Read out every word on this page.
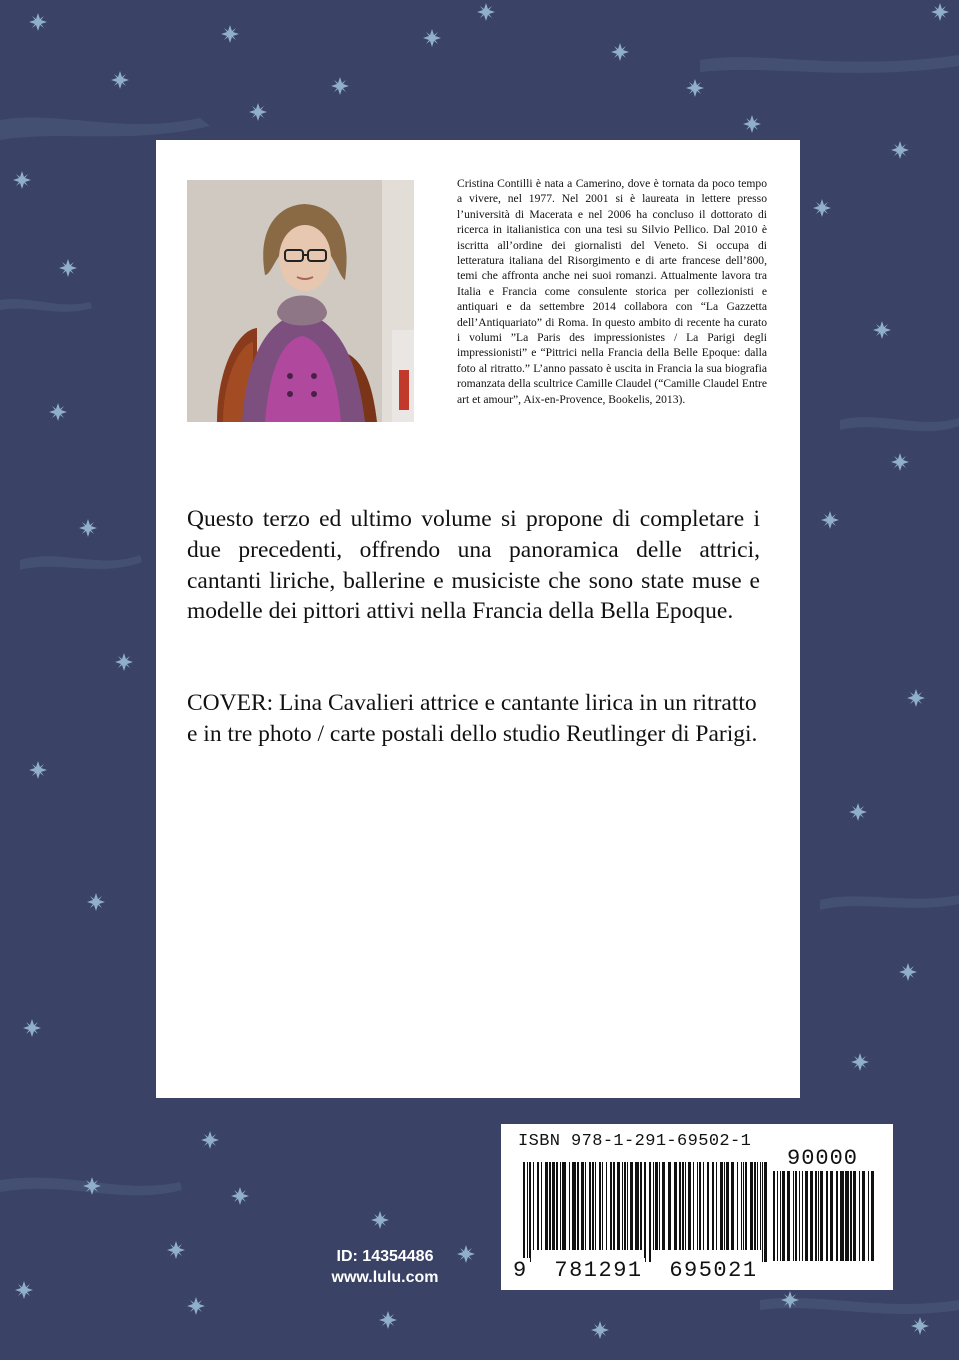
Cristina Contilli è nata a Camerino, dove è tornata da poco tempo a vivere, nel 1977. Nel 2001 si è laureata in lettere presso l’università di Macerata e nel 2006 ha concluso il dottorato di ricerca in italianistica con una tesi su Silvio Pellico. Dal 2010 è iscritta all’ordine dei giornalisti del Veneto. Si occupa di letteratura italiana del Risorgimento e di arte francese dell’800, temi che affronta anche nei suoi romanzi. Attualmente lavora tra Italia e Francia come consulente storica per collezionisti e antiquari e da settembre 2014 collabora con “La Gazzetta dell’Antiquariato” di Roma. In questo ambito di recente ha curato i volumi ”La Paris des impressionistes / La Parigi degli impressionisti” e “Pittrici nella Francia della Belle Epoque: dalla foto al ritratto.” L’anno passato è uscita in Francia la sua biografia romanzata della scultrice Camille Claudel (“Camille Claudel Entre art et amour”, Aix-en-Provence, Bookelis, 2013).

Questo terzo ed ultimo volume si propone di completare i due precedenti, offrendo una panoramica delle attrici, cantanti liriche, ballerine e musiciste che sono state muse e modelle dei pittori attivi nella Francia della Bella Epoque.

COVER: Lina Cavalieri attrice e cantante lirica in un ritratto e in tre photo / carte postali dello studio Reutlinger di Parigi.

ID: 14354486
www.lulu.com
ISBN 978-1-291-69502-1
90000
9 781291 695021
